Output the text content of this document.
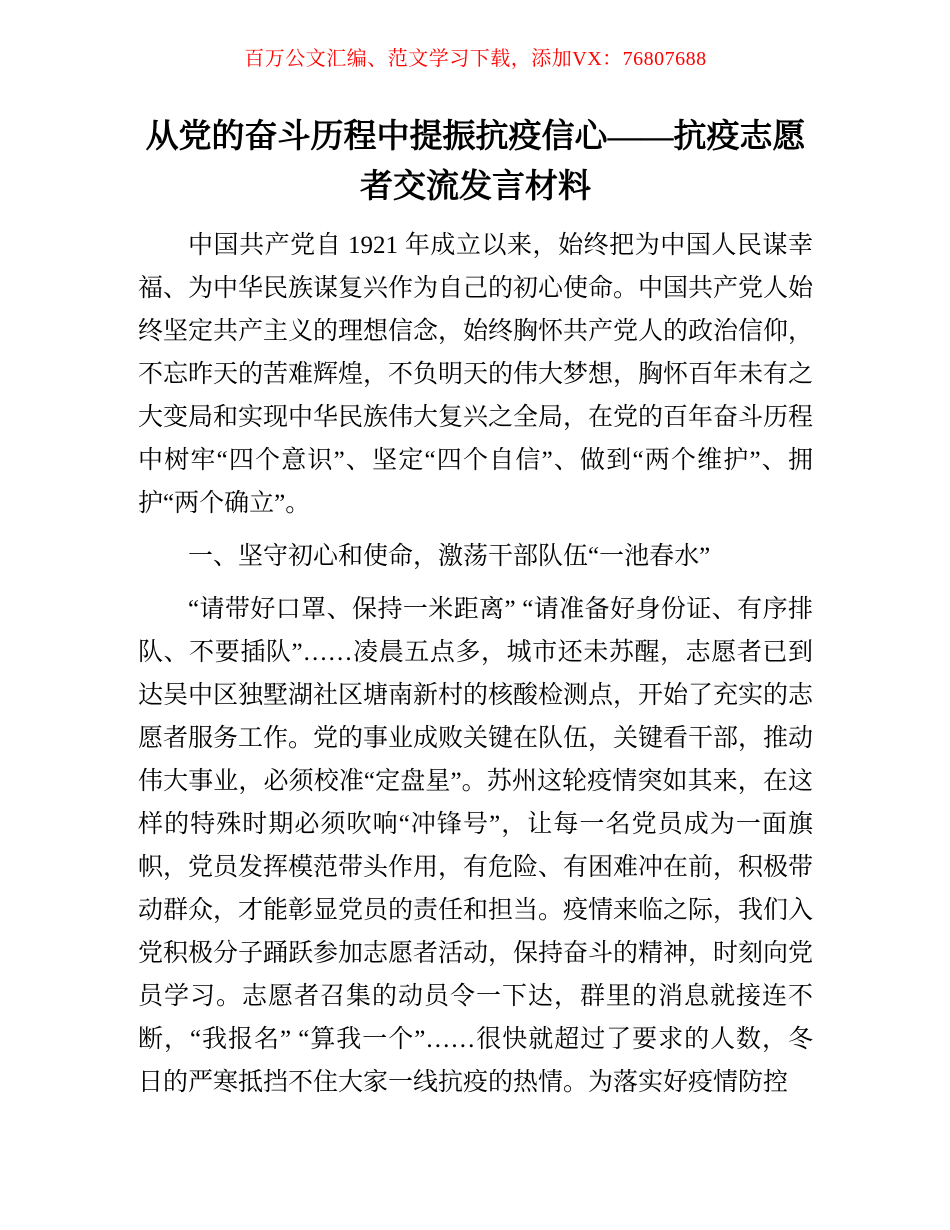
百万公文汇编、范文学习下载，添加VX：76807688
从党的奋斗历程中提振抗疫信心——抗疫志愿者交流发言材料

中国共产党自 1921 年成立以来，始终把为中国人民谋幸福、为中华民族谋复兴作为自己的初心使命。中国共产党人始终坚定共产主义的理想信念，始终胸怀共产党人的政治信仰，不忘昨天的苦难辉煌，不负明天的伟大梦想，胸怀百年未有之大变局和实现中华民族伟大复兴之全局，在党的百年奋斗历程中树牢“四个意识”、坚定“四个自信”、做到“两个维护”、拥护“两个确立”。

一、坚守初心和使命，激荡干部队伍“一池春水”

“请带好口罩、保持一米距离” “请准备好身份证、有序排队、不要插队”……凌晨五点多，城市还未苏醒，志愿者已到达吴中区独墅湖社区塘南新村的核酸检测点，开始了充实的志愿者服务工作。党的事业成败关键在队伍，关键看干部，推动伟大事业，必须校准“定盘星”。苏州这轮疫情突如其来，在这样的特殊时期必须吹响“冲锋号”，让每一名党员成为一面旗帜，党员发挥模范带头作用，有危险、有困难冲在前，积极带动群众，才能彰显党员的责任和担当。疫情来临之际，我们入党积极分子踊跃参加志愿者活动，保持奋斗的精神，时刻向党员学习。志愿者召集的动员令一下达，群里的消息就接连不断，“我报名” “算我一个”……很快就超过了要求的人数，冬日的严寒抵挡不住大家一线抗疫的热情。为落实好疫情防控
